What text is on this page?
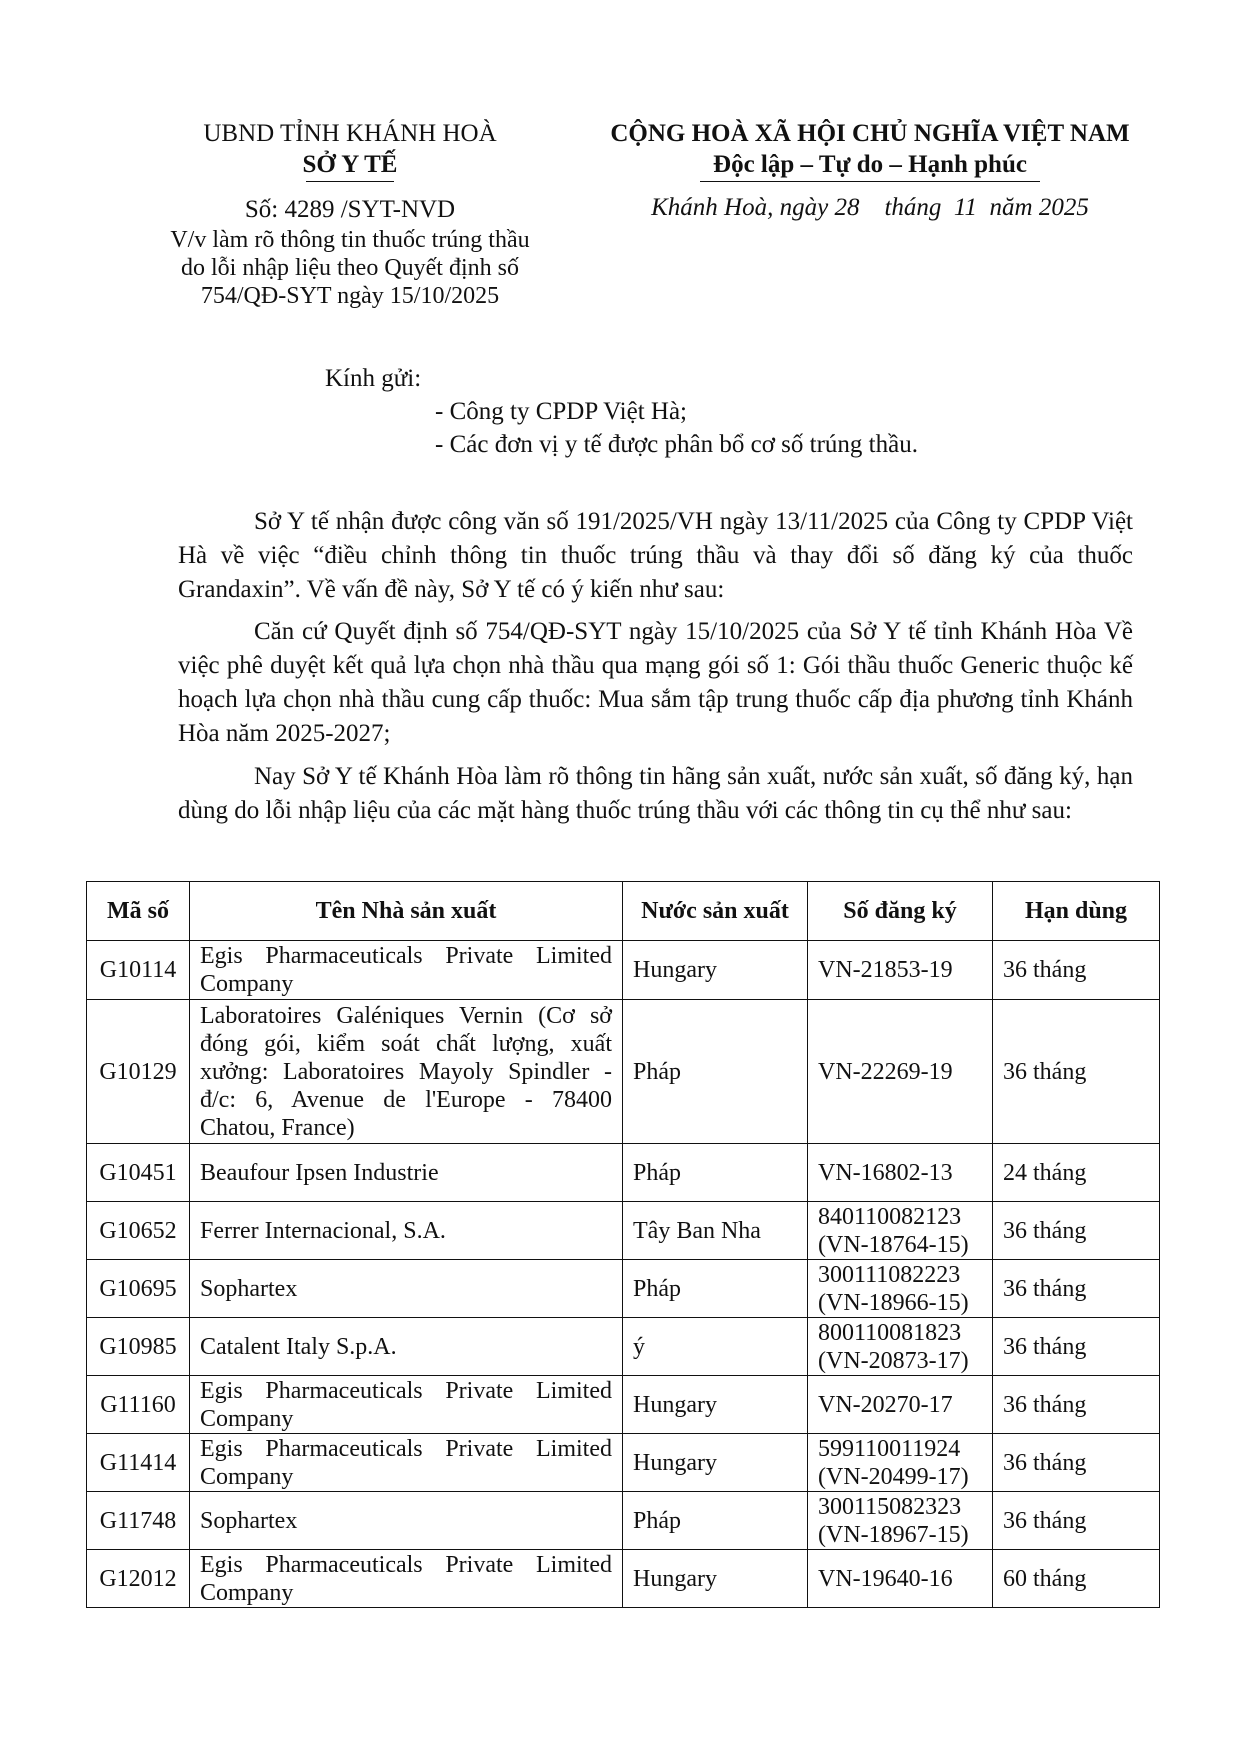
UBND TỈNH KHÁNH HOÀ
SỞ Y TẾ
Số: 4289 /SYT-NVD
V/v làm rõ thông tin thuốc trúng thầu
do lỗi nhập liệu theo Quyết định số
754/QĐ-SYT ngày 15/10/2025
CỘNG HOÀ XÃ HỘI CHỦ NGHĨA VIỆT NAM
Độc lập – Tự do – Hạnh phúc
Khánh Hoà, ngày 28    tháng  11  năm 2025
Kính gửi:
- Công ty CPDP Việt Hà;
- Các đơn vị y tế được phân bổ cơ số trúng thầu.

Sở Y tế nhận được công văn số 191/2025/VH ngày 13/11/2025 của Công ty CPDP Việt Hà về việc “điều chỉnh thông tin thuốc trúng thầu và thay đổi số đăng ký của thuốc Grandaxin”. Về vấn đề này, Sở Y tế có ý kiến như sau:

Căn cứ Quyết định số 754/QĐ-SYT ngày 15/10/2025 của Sở Y tế tỉnh Khánh Hòa Về việc phê duyệt kết quả lựa chọn nhà thầu qua mạng gói số 1: Gói thầu thuốc Generic thuộc kế hoạch lựa chọn nhà thầu cung cấp thuốc: Mua sắm tập trung thuốc cấp địa phương tỉnh Khánh Hòa năm 2025-2027;

Nay Sở Y tế Khánh Hòa làm rõ thông tin hãng sản xuất, nước sản xuất, số đăng ký, hạn dùng do lỗi nhập liệu của các mặt hàng thuốc trúng thầu với các thông tin cụ thể như sau:

Mã số	Tên Nhà sản xuất	Nước sản xuất	Số đăng ký	Hạn dùng
G10114	Egis Pharmaceuticals Private Limited Company	Hungary	VN-21853-19	36 tháng
G10129	Laboratoires Galéniques Vernin (Cơ sở đóng gói, kiểm soát chất lượng, xuất xưởng: Laboratoires Mayoly Spindler - đ/c: 6, Avenue de l'Europe - 78400 Chatou, France)	Pháp	VN-22269-19	36 tháng
G10451	Beaufour Ipsen Industrie	Pháp	VN-16802-13	24 tháng
G10652	Ferrer Internacional, S.A.	Tây Ban Nha	840110082123 (VN-18764-15)	36 tháng
G10695	Sophartex	Pháp	300111082223 (VN-18966-15)	36 tháng
G10985	Catalent Italy S.p.A.	ý	800110081823 (VN-20873-17)	36 tháng
G11160	Egis Pharmaceuticals Private Limited Company	Hungary	VN-20270-17	36 tháng
G11414	Egis Pharmaceuticals Private Limited Company	Hungary	599110011924 (VN-20499-17)	36 tháng
G11748	Sophartex	Pháp	300115082323 (VN-18967-15)	36 tháng
G12012	Egis Pharmaceuticals Private Limited Company	Hungary	VN-19640-16	60 tháng
